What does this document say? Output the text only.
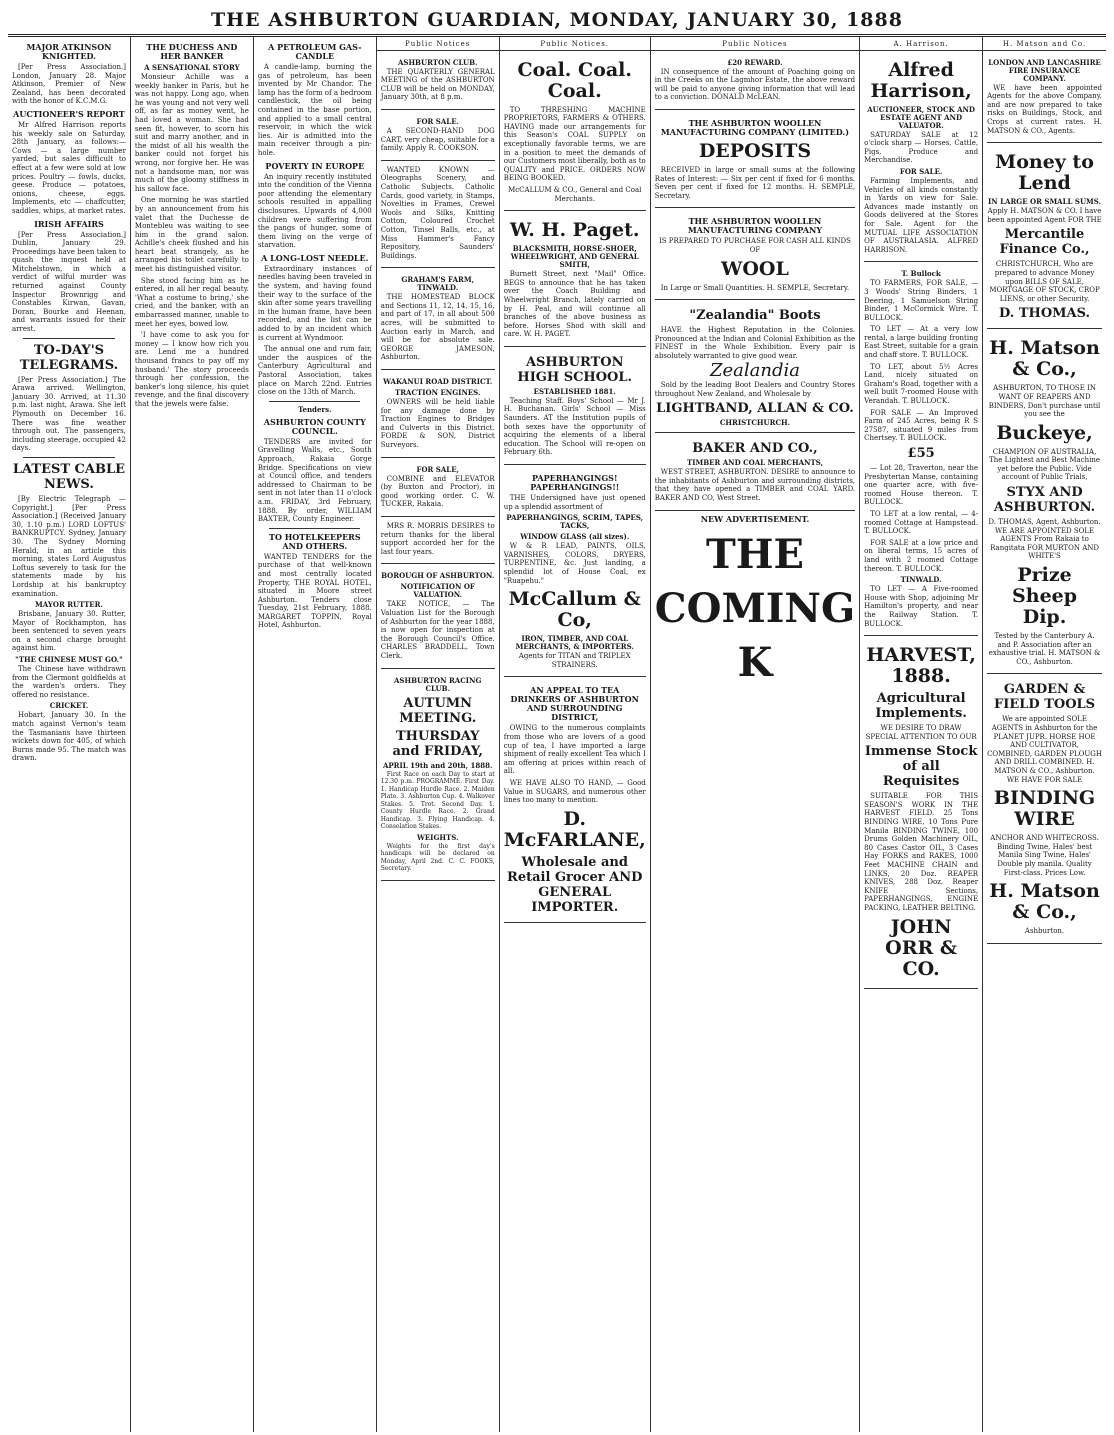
THE ASHBURTON GUARDIAN, MONDAY, JANUARY 30, 1888
MAJOR ATKINSON KNIGHTED.

[Per Press Association.] London, January 28. Major Atkinson, Premier of New Zealand, has been decorated with the honor of K.C.M.G.

AUCTIONEER'S REPORT

Mr Alfred Harrison reports his weekly sale on Saturday, 28th January, as follows:— Cows — a large number yarded, but sales difficult to effect at a few were sold at low prices. Poultry — fowls, ducks, geese. Produce — potatoes, onions, cheese, eggs. Implements, etc — chaffcutter, saddles, whips, at market rates.

IRISH AFFAIRS

[Per Press Association.] Dublin, January 29. Proceedings have been taken to quash the inquest held at Mitchelstown, in which a verdict of wilful murder was returned against County Inspector Brownrigg and Constables Kirwan, Gavan, Doran, Bourke and Heenan, and warrants issued for their arrest.

TO-DAY'S TELEGRAMS.

[Per Press Association.] The Arawa arrived. Wellington, January 30. Arrived, at 11.30 p.m. last night, Arawa. She left Plymouth on December 16. There was fine weather through out. The passengers, including steerage, occupied 42 days.

LATEST CABLE NEWS.

[By Electric Telegraph — Copyright.] [Per Press Association.] (Received January 30, 1.10 p.m.) LORD LOFTUS' BANKRUPTCY. Sydney, January 30. The Sydney Morning Herald, in an article this morning, states Lord Augustus Loftus severely to task for the statements made by his Lordship at his bankruptcy examination.

MAYOR RUTTER.

Brisbane, January 30. Rutter, Mayor of Rockhampton, has been sentenced to seven years on a second charge brought against him.

"THE CHINESE MUST GO."

The Chinese have withdrawn from the Clermont goldfields at the warden's orders. They offered no resistance.

CRICKET.

Hobart, January 30. In the match against Vernon's team the Tasmanians have thirteen wickets down for 405, of which Burns made 95. The match was drawn.

THE DUCHESS AND HER BANKER
A SENSATIONAL STORY

Monsieur Achille was a weekly banker in Paris, but he was not happy. Long ago, when he was young and not very well off, as far as money went, he had loved a woman. She had seen fit, however, to scorn his suit and marry another, and in the midst of all his wealth the banker could not forget his wrong, nor forgive her. He was not a handsome man, nor was much of the gloomy stiffness in his sallow face.

One morning he was startled by an announcement from his valet that the Duchesse de Montebleu was waiting to see him in the grand salon. Achille's cheek flushed and his heart beat strangely, as he arranged his toilet carefully to meet his distinguished visitor.

She stood facing him as he entered, in all her regal beauty. 'What a costume to bring,' she cried, and the banker, with an embarrassed manner, unable to meet her eyes, bowed low.

'I have come to ask you for money — I know how rich you are. Lend me a hundred thousand francs to pay off my husband.' The story proceeds through her confession, the banker's long silence, his quiet revenge, and the final discovery that the jewels were false.

A PETROLEUM GAS-CANDLE

A candle-lamp, burning the gas of petroleum, has been invented by Mr Chandor. The lamp has the form of a bedroom candlestick, the oil being contained in the base portion, and applied to a small central reservoir, in which the wick lies. Air is admitted into the main receiver through a pin-hole.

POVERTY IN EUROPE

An inquiry recently instituted into the condition of the Vienna poor attending the elementary schools resulted in appalling disclosures. Upwards of 4,000 children were suffering from the pangs of hunger, some of them living on the verge of starvation.

A LONG-LOST NEEDLE.

Extraordinary instances of needles having been traveled in the system, and having found their way to the surface of the skin after some years travelling in the human frame, have been recorded, and the list can be added to by an incident which is current at Wyndmoor.

The annual one and rum fair, under the auspices of the Canterbury Agricultural and Pastoral Association, takes place on March 22nd. Entries close on the 13th of March.

Tenders.
ASHBURTON COUNTY COUNCIL.

TENDERS are invited for Gravelling Walls, etc., South Approach, Rakaia Gorge Bridge. Specifications on view at Council office, and tenders addressed to Chairman to be sent in not later than 11 o'clock a.m. FRIDAY, 3rd February, 1888. By order, WILLIAM BAXTER, County Engineer.

TO HOTELKEEPERS AND OTHERS.

WANTED TENDERS for the purchase of that well-known and most centrally located Property, THE ROYAL HOTEL, situated in Moore street Ashburton. Tenders close Tuesday, 21st February, 1888. MARGARET TOPPIN, Royal Hotel, Ashburton.

Public Notices
ASHBURTON CLUB.

THE QUARTERLY GENERAL MEETING of the ASHBURTON CLUB will be held on MONDAY, January 30th, at 8 p.m.

FOR SALE.

A SECOND-HAND DOG CART, very cheap, suitable for a family. Apply R. COOKSON.

WANTED KNOWN — Oleographs Scenery, and Catholic Subjects. Catholic Cards, good variety, in Stamps, Novelties in Frames, Crewel Wools and Silks, Knitting Cotton, Coloured Crochet Cotton, Tinsel Balls, etc., at Miss Hammer's Fancy Repository, Saunders' Buildings.

GRAHAM'S FARM, TINWALD.

THE HOMESTEAD BLOCK and Sections 11, 12, 14, 15, 16, and part of 17, in all about 500 acres, will be submitted to Auction early in March, and will be for absolute sale. GEORGE JAMESON, Ashburton.

WAKANUI ROAD DISTRICT.
TRACTION ENGINES.

OWNERS will be held liable for any damage done by Traction Engines to Bridges and Culverts in this District. FORDE & SON, District Surveyors.

FOR SALE,

COMBINE and ELEVATOR (by Buxton and Proctor), in good working order. C. W. TUCKER, Rakaia.

MRS R. MORRIS DESIRES to return thanks for the liberal support accorded her for the last four years.

BOROUGH OF ASHBURTON.
NOTIFICATION OF VALUATION.

TAKE NOTICE, — The Valuation List for the Borough of Ashburton for the year 1888, is now open for inspection at the Borough Council's Office. CHARLES BRADDELL, Town Clerk.

ASHBURTON RACING CLUB.
AUTUMN MEETING.
THURSDAY and FRIDAY,
APRIL 19th and 20th, 1888.

First Race on each Day to start at 12.30 p.m. PROGRAMME. First Day. 1. Handicap Hurdle Race. 2. Maiden Plate. 3. Ashburton Cup. 4. Walkover Stakes. 5. Trot. Second Day. 1. County Hurdle Race. 2. Grand Handicap. 3. Flying Handicap. 4. Consolation Stakes.

WEIGHTS.

Weights for the first day's handicaps will be declared on Monday, April 2nd. C. C. FOOKS, Secretary.

Public Notices.
Coal. Coal. Coal.

TO THRESHING MACHINE PROPRIETORS, FARMERS & OTHERS. HAVING made our arrangements for this Season's COAL SUPPLY on exceptionally favorable terms, we are in a position to meet the demands of our Customers most liberally, both as to QUALITY and PRICE. ORDERS NOW BEING BOOKED.

McCALLUM & CO., General and Coal Merchants.

W. H. Paget.
BLACKSMITH, HORSE-SHOER, WHEELWRIGHT, AND GENERAL SMITH,

Burnett Street, next "Mail" Office. BEGS to announce that he has taken over the Coach Building and Wheelwright Branch, lately carried on by H. Peal, and will continue all branches of the above business as before. Horses Shod with skill and care. W. H. PAGET.

ASHBURTON HIGH SCHOOL.
ESTABLISHED 1881.

Teaching Staff. Boys' School — Mr J. H. Buchanan. Girls' School — Miss Saunders. AT the Institution pupils of both sexes have the opportunity of acquiring the elements of a liberal education. The School will re-open on February 6th.

PAPERHANGINGS! PAPERHANGINGS!!

THE Undersigned have just opened up a splendid assortment of

PAPERHANGINGS, SCRIM, TAPES, TACKS,
WINDOW GLASS (all sizes).

W & R LEAD, PAINTS, OILS, VARNISHES, COLORS, DRYERS, TURPENTINE, &c. Just landing, a splendid lot of House Coal, ex "Ruapehu."

McCallum & Co,
IRON, TIMBER, AND COAL MERCHANTS, & IMPORTERS.

Agents for TITAN and TRIPLEX STRAINERS.

AN APPEAL TO TEA DRINKERS OF ASHBURTON AND SURROUNDING DISTRICT,

OWING to the numerous complaints from those who are lovers of a good cup of tea, I have imported a large shipment of really excellent Tea which I am offering at prices within reach of all.

WE HAVE ALSO TO HAND, — Good Value in SUGARS, and numerous other lines too many to mention.

D. McFARLANE,
Wholesale and Retail Grocer AND GENERAL IMPORTER.
Public Notices
£20 REWARD.

IN consequence of the amount of Poaching going on in the Creeks on the Lagmhor Estate, the above reward will be paid to anyone giving information that will lead to a conviction. DONALD McLEAN.

THE ASHBURTON WOOLLEN MANUFACTURING COMPANY (LIMITED.)
DEPOSITS

RECEIVED in large or small sums at the following Rates of Interest: — Six per cent if fixed for 6 months. Seven per cent if fixed for 12 months. H. SEMPLE, Secretary.

THE ASHBURTON WOOLLEN MANUFACTURING COMPANY

IS PREPARED TO PURCHASE FOR CASH ALL KINDS OF

WOOL

In Large or Small Quantities. H. SEMPLE, Secretary.

"Zealandia" Boots

HAVE the Highest Reputation in the Colonies. Pronounced at the Indian and Colonial Exhibition as the FINEST in the Whole Exhibition. Every pair is absolutely warranted to give good wear.

Zealandia

Sold by the leading Boot Dealers and Country Stores throughout New Zealand, and Wholesale by

LIGHTBAND, ALLAN & CO.
CHRISTCHURCH.
BAKER AND CO.,
TIMBER AND COAL MERCHANTS,

WEST STREET, ASHBURTON. DESIRE to announce to the inhabitants of Ashburton and surrounding districts, that they have opened a TIMBER and COAL YARD. BAKER AND CO, West Street.

NEW ADVERTISEMENT.
THE
COMING
K
A. Harrison.
Alfred Harrison,
AUCTIONEER, STOCK AND ESTATE AGENT AND VALUATOR.

SATURDAY SALE at 12 o'clock sharp — Horses, Cattle, Pigs, Produce and Merchandise.

FOR SALE.

Farming Implements, and Vehicles of all kinds constantly in Yards on view for Sale. Advances made instantly on Goods delivered at the Stores for Sale. Agent for the MUTUAL LIFE ASSOCIATION OF AUSTRALASIA. ALFRED HARRISON.

T. Bullock

TO FARMERS, FOR SALE, — 3 Woods' String Binders, 1 Deering, 1 Samuelson String Binder, 1 McCormick Wire. T. BULLOCK.

TO LET — At a very low rental, a large building fronting East Street, suitable for a grain and chaff store. T. BULLOCK.

TO LET, about 5½ Acres Land, nicely situated on Graham's Road, together with a well built 7-roomed House with Verandah. T. BULLOCK.

FOR SALE — An Improved Farm of 245 Acres, being R S 27587, situated 9 miles from Chertsey. T. BULLOCK.

£55

— Lot 28, Traverton, near the Presbyterian Manse, containing one quarter acre, with five-roomed House thereon. T. BULLOCK.

TO LET at a low rental, — 4-roomed Cottage at Hampstead. T. BULLOCK.

FOR SALE at a low price and on liberal terms, 15 acres of land with 2 roomed Cottage thereon. T. BULLOCK.

TINWALD.

TO LET — A Five-roomed House with Shop, adjoining Mr Hamilton's property, and near the Railway Station. T. BULLOCK.

HARVEST, 1888.
Agricultural Implements.

WE DESIRE TO DRAW SPECIAL ATTENTION TO OUR

Immense Stock of all Requisites

SUITABLE FOR THIS SEASON'S WORK IN THE HARVEST FIELD. 25 Tons BINDING WIRE, 10 Tons Pure Manila BINDING TWINE, 100 Drums Golden Machinery OIL, 80 Cases Castor OIL, 3 Cases Hay FORKS and RAKES, 1000 Feet MACHINE CHAIN and LINKS, 20 Doz. REAPER KNIVES, 288 Doz. Reaper KNIFE Sections, PAPERHANGINGS, ENGINE PACKING, LEATHER BELTING.

JOHN ORR & CO.
H. Matson and Co.
LONDON AND LANCASHIRE FIRE INSURANCE COMPANY.

WE have been appointed Agents for the above Company, and are now prepared to take risks on Buildings, Stock, and Crops at current rates. H. MATSON & CO., Agents.

Money to Lend
IN LARGE OR SMALL SUMS.

Apply H. MATSON & CO. I have been appointed Agent FOR THE

Mercantile Finance Co.,

CHRISTCHURCH, Who are prepared to advance Money upon BILLS OF SALE, MORTGAGE OF STOCK, CROP LIENS, or other Security.

D. THOMAS.
H. Matson & Co.,

ASHBURTON, TO THOSE IN WANT OF REAPERS AND BINDERS, Don't purchase until you see the

Buckeye,

CHAMPION OF AUSTRALIA, The Lightest and Best Machine yet before the Public. Vide account of Public Trials,

STYX AND ASHBURTON.

D. THOMAS, Agent, Ashburton. WE ARE APPOINTED SOLE AGENTS From Rakaia to Rangitata FOR MURTON AND WHITE'S

Prize Sheep Dip.

Tested by the Canterbury A. and P. Association after an exhaustive trial. H. MATSON & CO., Ashburton.

GARDEN & FIELD TOOLS

We are appointed SOLE AGENTS in Ashburton for the PLANET JUPR. HORSE HOE AND CULTIVATOR, COMBINED, GARDEN PLOUGH AND DRILL COMBINED. H. MATSON & CO., Ashburton. WE HAVE FOR SALE

BINDING WIRE

ANCHOR AND WHITECROSS. Binding Twine, Hales' best Manila Sing Twine, Hales' Double ply manila. Quality First-class. Prices Low.

H. Matson & Co.,

Ashburton.
